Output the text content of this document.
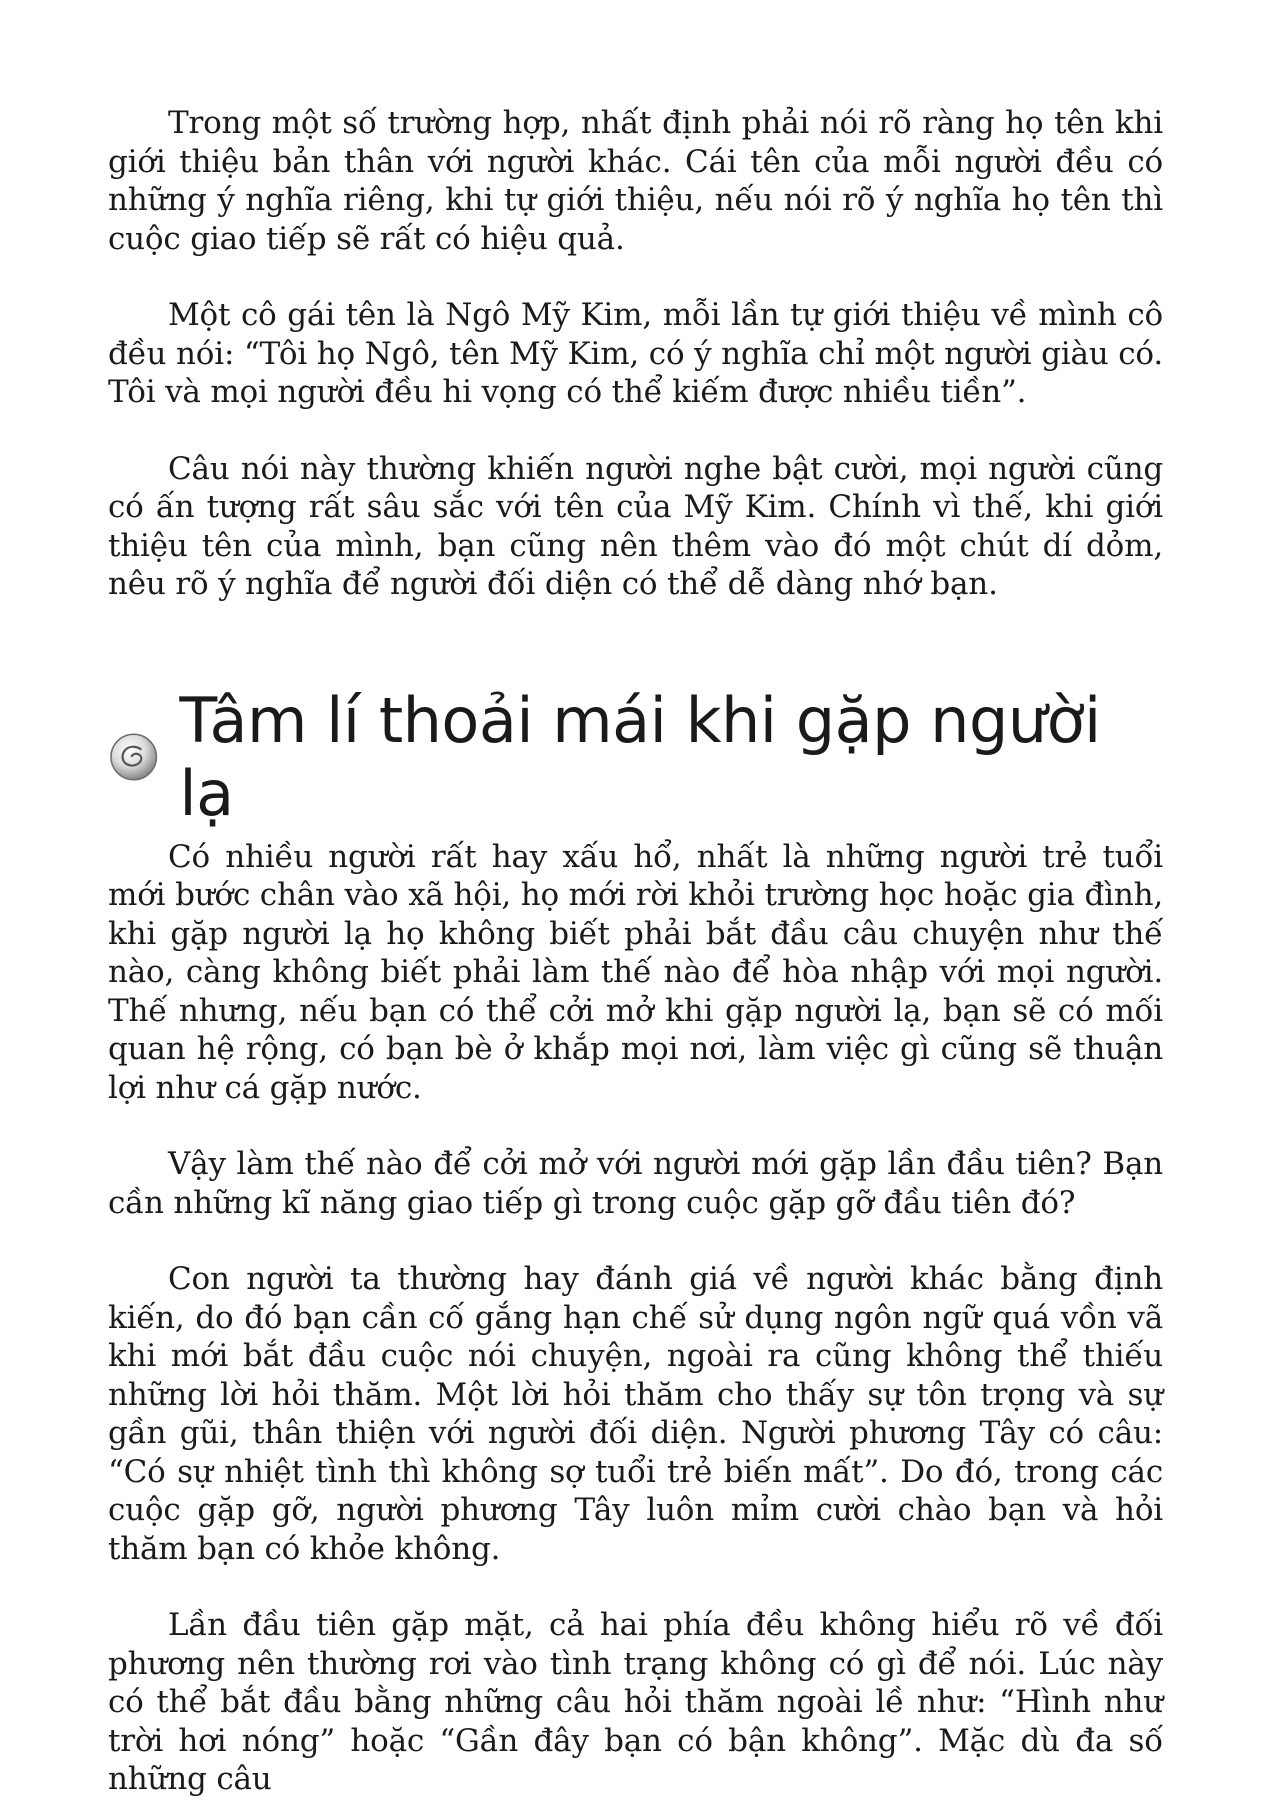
Trong một số trường hợp, nhất định phải nói rõ ràng họ tên khi giới thiệu bản thân với người khác. Cái tên của mỗi người đều có những ý nghĩa riêng, khi tự giới thiệu, nếu nói rõ ý nghĩa họ tên thì cuộc giao tiếp sẽ rất có hiệu quả.

Một cô gái tên là Ngô Mỹ Kim, mỗi lần tự giới thiệu về mình cô đều nói: “Tôi họ Ngô, tên Mỹ Kim, có ý nghĩa chỉ một người giàu có. Tôi và mọi người đều hi vọng có thể kiếm được nhiều tiền”.

Câu nói này thường khiến người nghe bật cười, mọi người cũng có ấn tượng rất sâu sắc với tên của Mỹ Kim. Chính vì thế, khi giới thiệu tên của mình, bạn cũng nên thêm vào đó một chút dí dỏm, nêu rõ ý nghĩa để người đối diện có thể dễ dàng nhớ bạn.

Tâm lí thoải mái khi gặp người lạ

Có nhiều người rất hay xấu hổ, nhất là những người trẻ tuổi mới bước chân vào xã hội, họ mới rời khỏi trường học hoặc gia đình, khi gặp người lạ họ không biết phải bắt đầu câu chuyện như thế nào, càng không biết phải làm thế nào để hòa nhập với mọi người. Thế nhưng, nếu bạn có thể cởi mở khi gặp người lạ, bạn sẽ có mối quan hệ rộng, có bạn bè ở khắp mọi nơi, làm việc gì cũng sẽ thuận lợi như cá gặp nước.

Vậy làm thế nào để cởi mở với người mới gặp lần đầu tiên? Bạn cần những kĩ năng giao tiếp gì trong cuộc gặp gỡ đầu tiên đó?

Con người ta thường hay đánh giá về người khác bằng định kiến, do đó bạn cần cố gắng hạn chế sử dụng ngôn ngữ quá vồn vã khi mới bắt đầu cuộc nói chuyện, ngoài ra cũng không thể thiếu những lời hỏi thăm. Một lời hỏi thăm cho thấy sự tôn trọng và sự gần gũi, thân thiện với người đối diện. Người phương Tây có câu: “Có sự nhiệt tình thì không sợ tuổi trẻ biến mất”. Do đó, trong các cuộc gặp gỡ, người phương Tây luôn mỉm cười chào bạn và hỏi thăm bạn có khỏe không.

Lần đầu tiên gặp mặt, cả hai phía đều không hiểu rõ về đối phương nên thường rơi vào tình trạng không có gì để nói. Lúc này có thể bắt đầu bằng những câu hỏi thăm ngoài lề như: “Hình như trời hơi nóng” hoặc “Gần đây bạn có bận không”. Mặc dù đa số những câu
